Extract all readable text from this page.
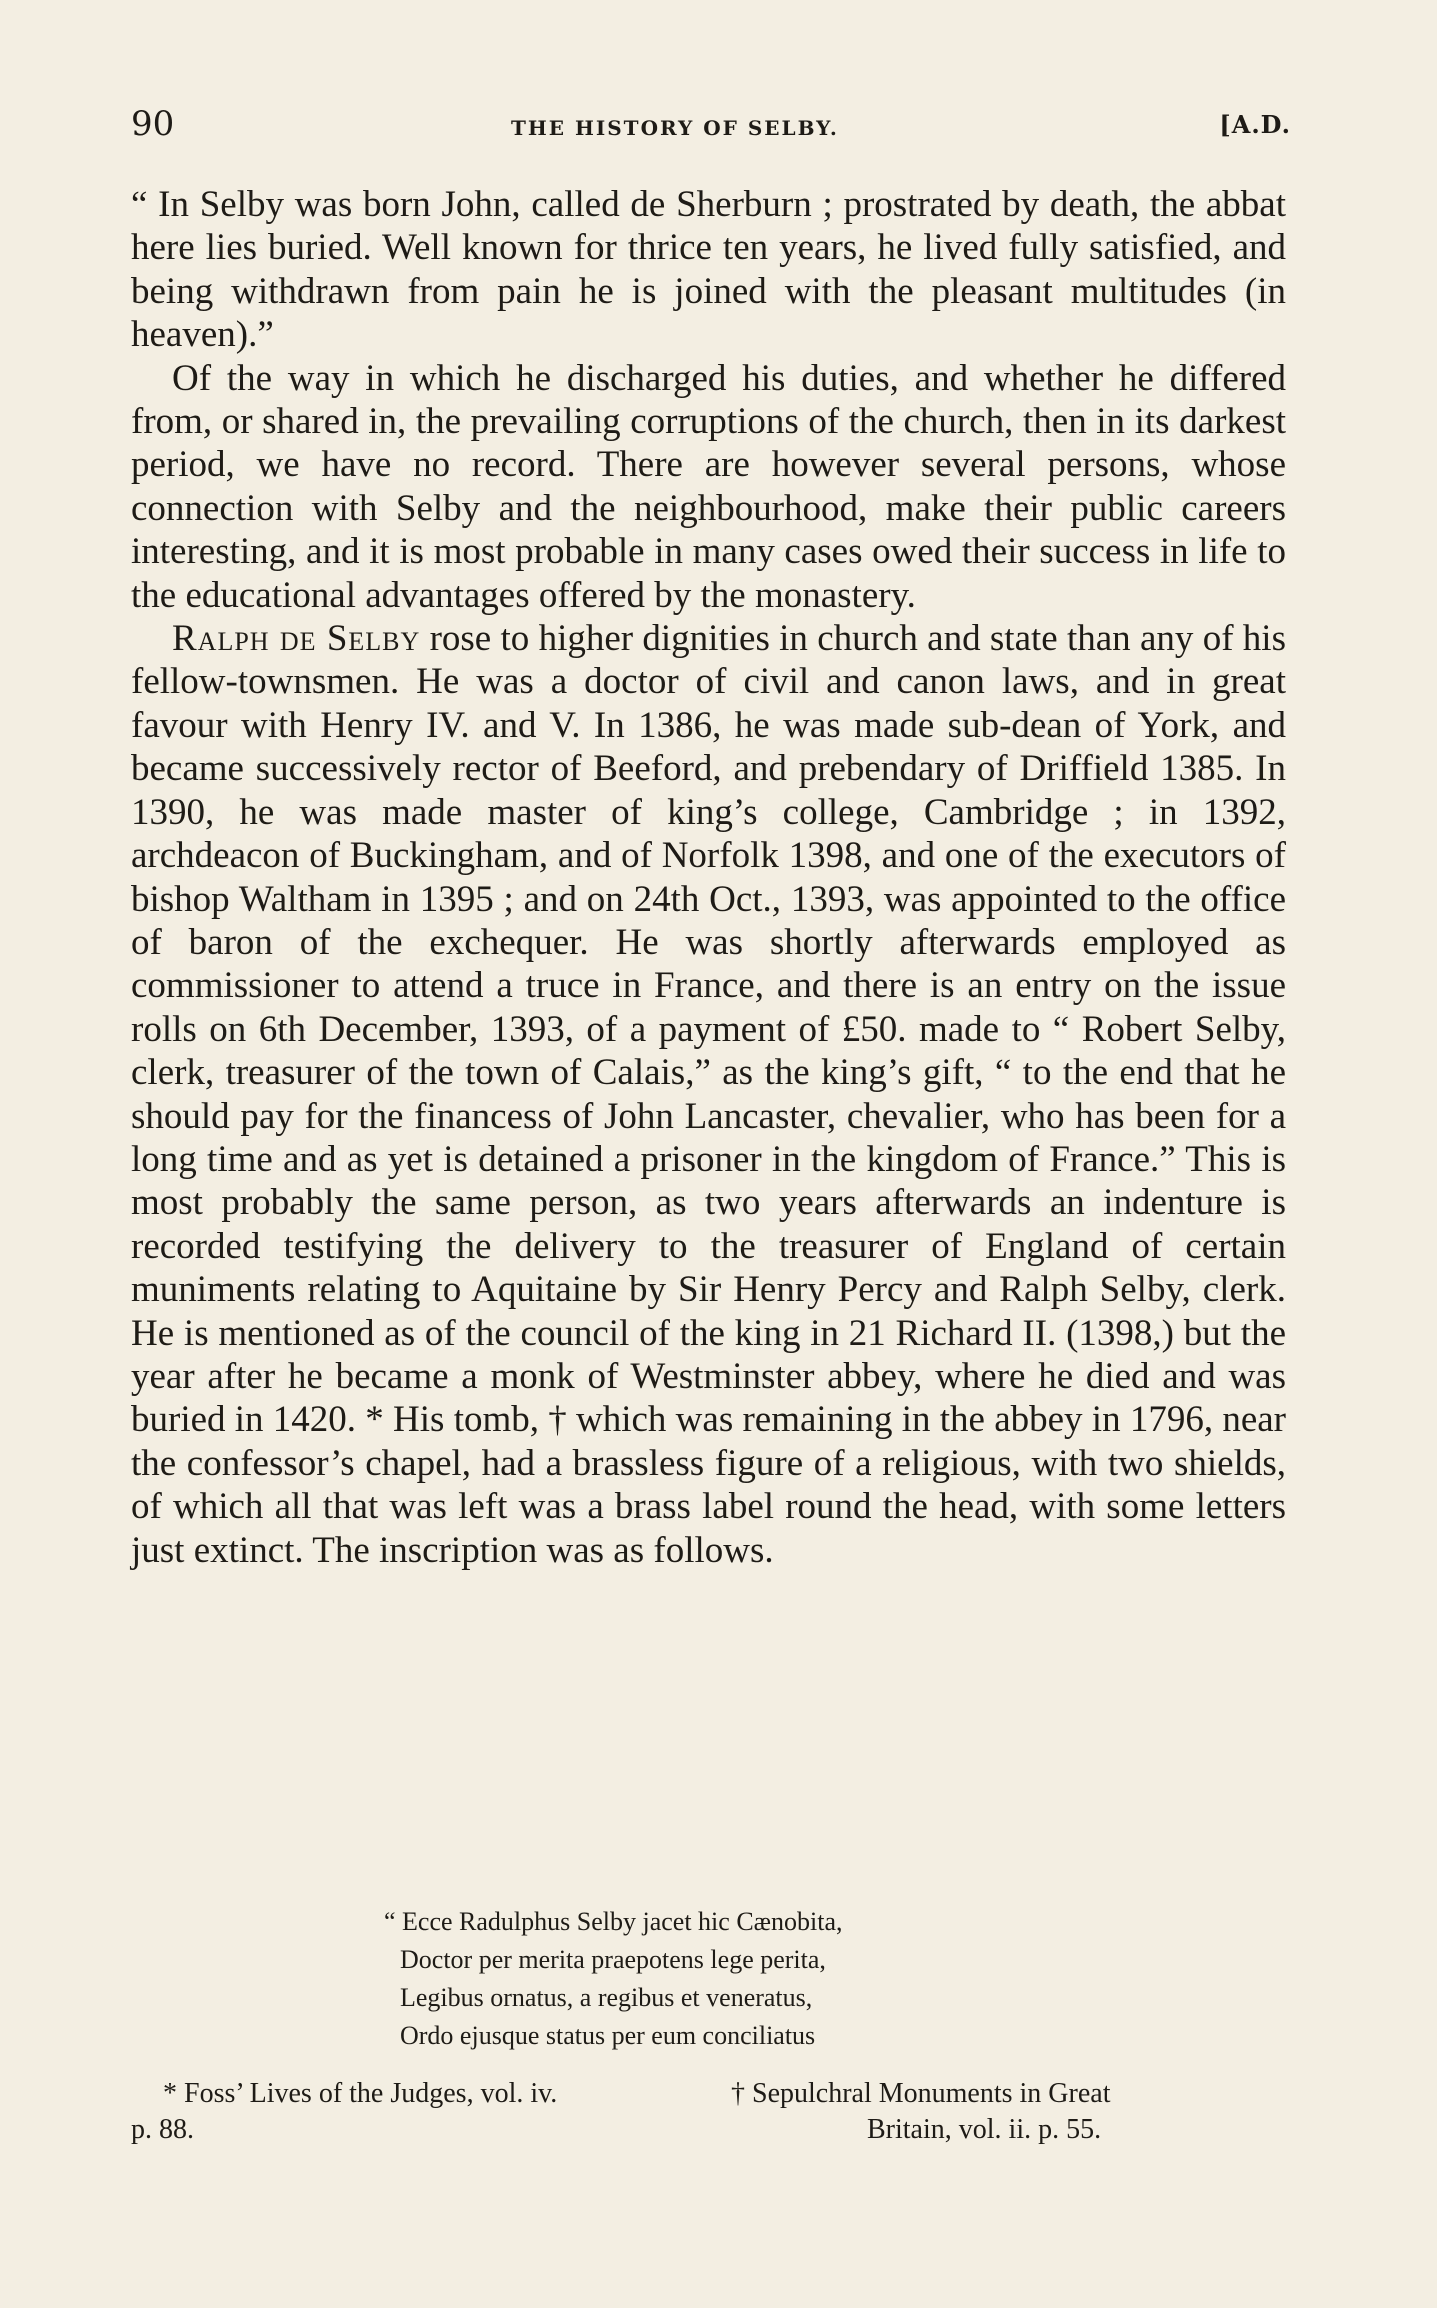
90	THE HISTORY OF SELBY.	[A.D.

“ In Selby was born John, called de Sherburn ; prostrated by death, the abbat here lies buried. Well known for thrice ten years, he lived fully satisfied, and being withdrawn from pain he is joined with the pleasant multitudes (in heaven).”

Of the way in which he discharged his duties, and whether he differed from, or shared in, the prevailing corruptions of the church, then in its darkest period, we have no record. There are however several persons, whose connection with Selby and the neighbourhood, make their public careers interesting, and it is most probable in many cases owed their success in life to the educational advantages offered by the monastery.

Ralph de Selby rose to higher dignities in church and state than any of his fellow-townsmen. He was a doctor of civil and canon laws, and in great favour with Henry IV. and V. In 1386, he was made sub-dean of York, and became successively rector of Beeford, and prebendary of Driffield 1385. In 1390, he was made master of king’s college, Cambridge ; in 1392, archdeacon of Buckingham, and of Norfolk 1398, and one of the executors of bishop Waltham in 1395 ; and on 24th Oct., 1393, was appointed to the office of baron of the exchequer. He was shortly afterwards employed as commissioner to attend a truce in France, and there is an entry on the issue rolls on 6th December, 1393, of a payment of £50. made to “ Robert Selby, clerk, treasurer of the town of Calais,” as the king’s gift, “ to the end that he should pay for the financess of John Lancaster, chevalier, who has been for a long time and as yet is detained a prisoner in the kingdom of France.” This is most probably the same person, as two years afterwards an indenture is recorded testifying the delivery to the treasurer of England of certain muniments relating to Aquitaine by Sir Henry Percy and Ralph Selby, clerk. He is mentioned as of the council of the king in 21 Richard II. (1398,) but the year after he became a monk of Westminster abbey, where he died and was buried in 1420. * His tomb, † which was remaining in the abbey in 1796, near the confessor’s chapel, had a brassless figure of a religious, with two shields, of which all that was left was a brass label round the head, with some letters just extinct. The inscription was as follows.

“ Ecce Radulphus Selby jacet hic Cænobita,
Doctor per merita praepotens lege perita,
Legibus ornatus, a regibus et veneratus,
Ordo ejusque status per eum conciliatus
* Foss’ Lives of the Judges, vol. iv.
p. 88.
† Sepulchral Monuments in Great
Britain, vol. ii. p. 55.
